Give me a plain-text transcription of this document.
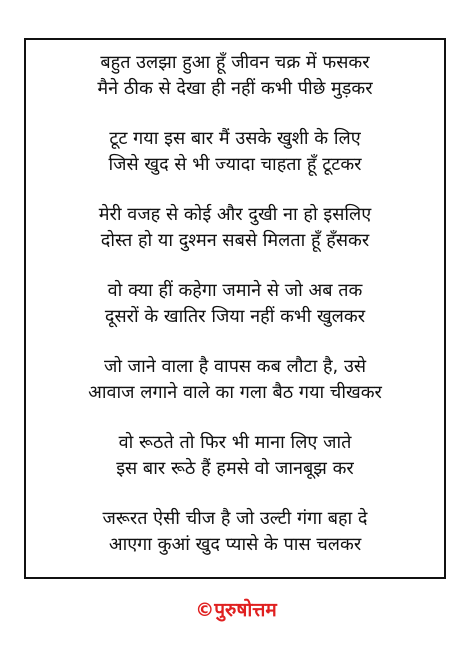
बहुत उलझा हुआ हूँ जीवन चक्र में फसकर
मैने ठीक से देखा ही नहीं कभी पीछे मुड़कर
टूट गया इस बार मैं उसके खुशी के लिए
जिसे खुद से भी ज्यादा चाहता हूँ टूटकर
मेरी वजह से कोई और दुखी ना हो इसलिए
दोस्त हो या दुश्मन सबसे मिलता हूँ हँसकर
वो क्या हीं कहेगा जमाने से जो अब तक
दूसरों के खातिर जिया नहीं कभी खुलकर
जो जाने वाला है वापस कब लौटा है, उसे
आवाज लगाने वाले का गला बैठ गया चीखकर
वो रूठते तो फिर भी माना लिए जाते
इस बार रूठे हैं हमसे वो जानबूझ कर
जरूरत ऐसी चीज है जो उल्टी गंगा बहा दे
आएगा कुआं खुद प्यासे के पास चलकर
©पुरुषोत्तम
